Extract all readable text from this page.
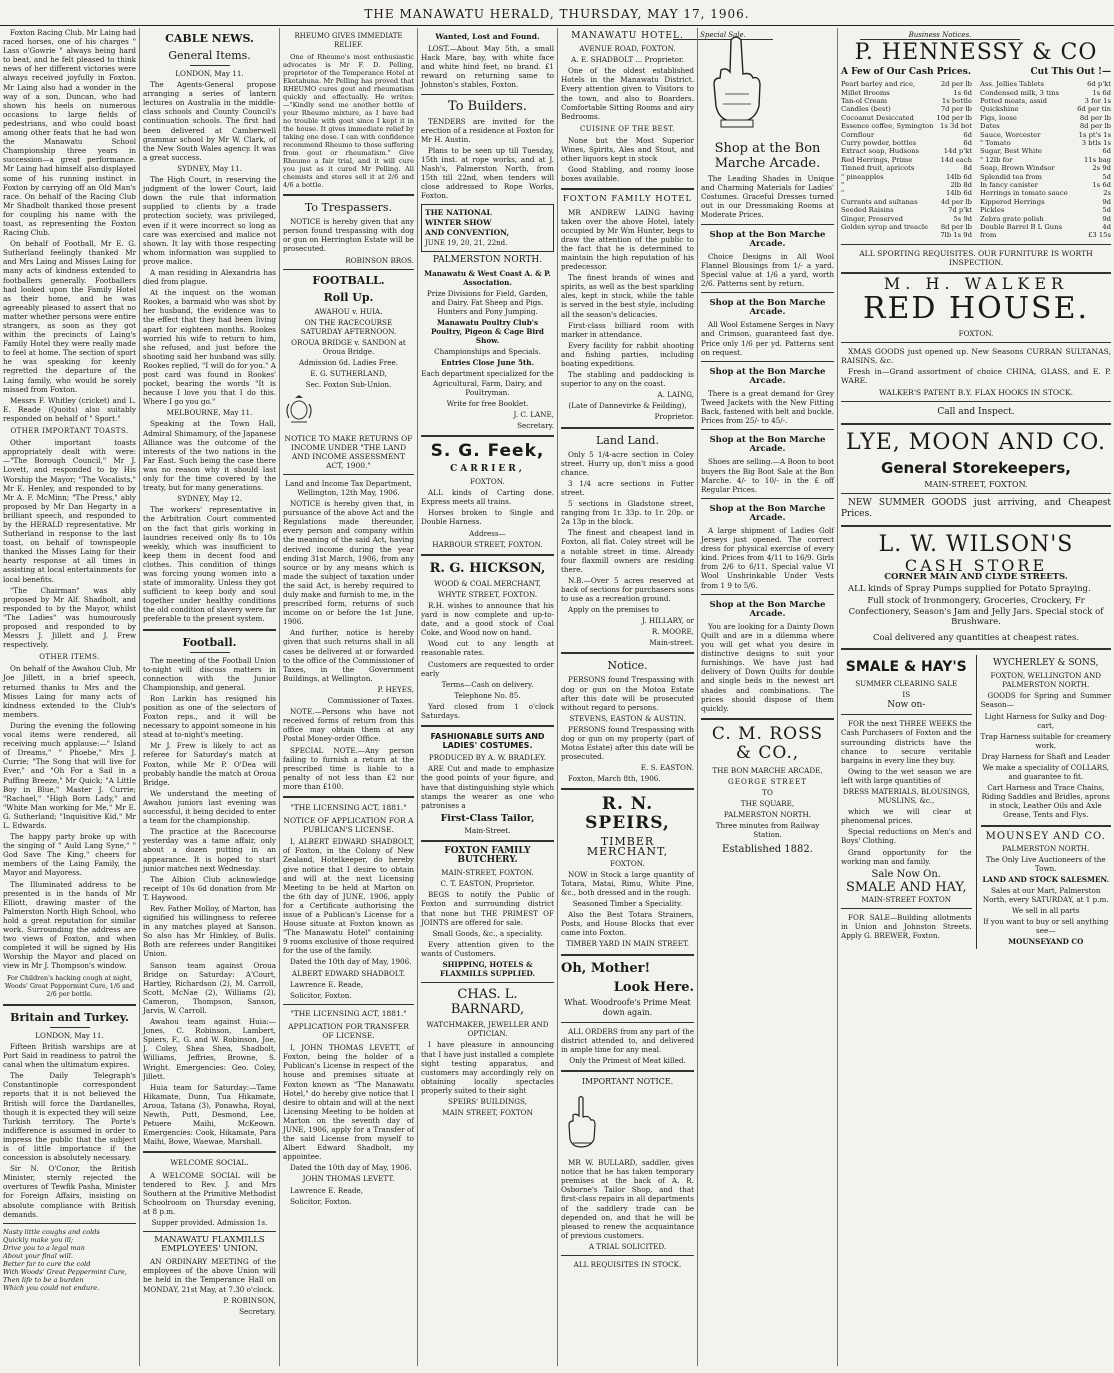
THE MANAWATU HERALD, THURSDAY, MAY 17, 1906.
Special Sale.	Business Notices.

Foxton Racing Club. Mr Laing had raced horses, one of his charges " Lass o'Gowrie " always being hard to beat, and he felt pleased to think news of her different victories were always received joyfully in Foxton. Mr Laing also had a wonder in the way of a son, Duncan, who had shown his heels on numerous occasions to large fields of pedestrians, and who could boast among other feats that he had won the Manawatu School Championship three years in succession—a great performance. Mr Laing had himself also displayed some of his running instinct in Foxton by carrying off an Old Man's race. On behalf of the Racing Club Mr Shadbolt thanked those present for coupling his name with the toast, as representing the Foxton Racing Club.

On behalf of Football, Mr E. G. Sutherland feelingly thanked Mr and Mrs Laing and Misses Laing for many acts of kindness extended to footballers generally. Footballers had looked upon the Family Hotel as their home, and he was agreeably pleased to assert that no matter whether persons were entire strangers, as soon as they got within the precincts of Laing's Family Hotel they were really made to feel at home. The section of sport he was speaking for keenly regretted the departure of the Laing family, who would be sorely missed from Foxton.

Messrs F. Whitley (cricket) and L. E. Reade (Quoits) also suitably responded on behalf of " Sport."

OTHER IMPORTANT TOASTS.

Other important toasts appropriately dealt with were:—"The Borough Council," Mr J. Lovett, and responded to by His Worship the Mayor; "The Vocalists," Mr E. Henley, and responded to by Mr A. F. McMinn; "The Press," ably proposed by Mr Dan Hegarty in a brilliant speech, and responded to by the HERALD representative. Mr Sutherland in response to the last toast, on behalf of townspeople thanked the Misses Laing for their hearty response at all times in assisting at local entertainments for local benefits.

"The Chairman" was ably proposed by Mr Alf. Shadbolt, and responded to by the Mayor, whilst "The Ladies" was humourously proposed and responded to by Messrs J. Jillett and J. Frew respectively.

OTHER ITEMS.

On behalf of the Awahou Club, Mr Joe Jillett, in a brief speech, returned thanks to Mrs and the Misses Laing for many acts of kindness extended to the Club's members.

During the evening the following vocal items were rendered, all receiving much applause:—" Island of Dreams," " Phoebe," Mrs J. Currie; "The Song that will live for Ever," and "Oh For a Sail in a Puffing Breeze," Mr Quick; "A Little Boy in Blue," Master J. Currie; "Rachael," "High Born Lady," and "White Man working for Me," Mr E. G. Sutherland; "Inquisitive Kid," Mr L. Edwards.

The happy party broke up with the singing of " Auld Lang Syne," " God Save The King," cheers for members of the Laing Family, the Mayor and Mayoress.

The Illuminated address to be presented is in the hands of Mr Elliott, drawing master of the Palmerston North High School, who hold a great reputation for similar work. Surrounding the address are two views of Foxton, and when completed it will be signed by His Worship the Mayor and placed on view in Mr J. Thompson's window.

For Children's hacking cough at night, Woods' Great Peppermint Cure, 1/6 and 2/6 per bottle.

Britain and Turkey.

LONDON, May 11.

Fifteen British warships are at Port Said in readiness to patrol the canal when the ultimatum expires.

The Daily Telegraph's Constantinople correspondent reports that it is not believed the British will force the Dardanelles, though it is expected they will seize Turkish territory. The Porte's indifference is assumed in order to impress the public that the subject is of little importance if the concession is absolutely necessary.

Sir N. O'Conor, the British Minister, sternly rejected the overtures of Tewfik Pasha, Minister for Foreign Affairs, insisting on absolute compliance with British demands.

Nasty little coughs and colds
Quickly make you ill;
Drive you to a legal man
About your final will.
Better far to cure the cold
With Woods' Great Peppermint Cure,
Then life to be a burden
Which you could not endure.
CABLE NEWS.
General Items.

LONDON, May 11.

The Agents-General propose arranging a series of lantern lectures on Australia in the middle-class schools and County Council's continuation schools. The first had been delivered at Camberwell grammar school by Mr W. Clark, of the New South Wales agency. It was a great success.

SYDNEY, May 11.

The High Court, in reserving the judgment of the lower Court, laid down the rule that information supplied to clients by a trade protection society, was privileged, even if it were incorrect so long as care was exercised and malice not shown. It lay with those respecting whom information was supplied to prove malice.

A man residing in Alexandria has died from plague.

At the inquest on the woman Rookes, a barmaid who was shot by her husband, the evidence was to the effect that they had been living apart for eighteen months. Rookes worried his wife to return to him, she refused, and just before the shooting said her husband was silly. Rookes replied, "I will do for you." A post card was found in Rookes' pocket, bearing the words "It is because I love you that I do this. Where I go you go."

MELBOURNE, May 11.

Speaking at the Town Hall, Admiral Shimamury, of the Japanese Alliance was the outcome of the interests of the two nations in the Far East. Such being the case there was no reason why it should last only for the time covered by the treaty, but for many generations.

SYDNEY, May 12.

The workers' representative in the Arbitration Court commented on the fact that girls working in laundries received only 8s to 10s weekly, which was insufficient to keep them in decent food and clothes. This condition of things was forcing young women into a state of immorality. Unless they got sufficient to keep body and soul together under healthy conditions the old condition of slavery were far preferable to the present system.

Football.

The meeting of the Football Union to-night will discuss matters in connection with the Junior Championship, and general.

Ron Larkin has resigned his position as one of the selectors of Foxton reps., and it will be necessary to appoint someone in his stead at to-night's meeting.

Mr J. Frew is likely to act as referee for Saturday's match at Foxton, while Mr P. O'Dea will probably handle the match at Oroua Bridge.

We understand the meeting of Awahou juniors last evening was successful, it being decided to enter a team for the championship.

The practice at the Racecourse yesterday was a tame affair, only about a dozen putting in an appearance. It is hoped to start junior matches next Wednesday.

The Albion Club acknowledge receipt of 10s 6d donation from Mr T. Haywood.

Rev. Father Molloy, of Marton, has signified his willingness to referee in any matches played at Sanson. So also has Mr Hinkley, of Bulls. Both are referees under Rangitikei Union.

Sanson team against Oroua Bridge on Saturday: A'Court, Hartley, Richardson (2), M. Carroll, Scott, McNae (2), Williams (2), Cameron, Thompson, Sanson, Jarvis, W. Carroll.

Awahou team against Huia:—Jones, C. Robinson, Lambert, Spiers, F., G. and W. Robinson, Joe, J. Coley, Shea Shea, Shadbolt, Williams, Jeffries, Browne, S. Wright. Emergencies: Geo. Coley, Jillett.

Huia team for Saturday:—Tame Hikamate, Dunn, Tua Hikamate, Aroua, Tatana (3), Ponawha, Royal, Newth, Putt, Desmond, Lee, Petuere Maihi, McKeown. Emergencies: Cook, Hikamate, Para Maihi, Bowe, Waewae, Marshall.

WELCOME SOCIAL.

A WELCOME SOCIAL will be tendered to Rev. J. and Mrs Southern at the Primitive Methodist Schoolroom on Thursday evening, at 8 p.m.

Supper provided. Admission 1s.

MANAWATU FLAXMILLS EMPLOYEES' UNION.

AN ORDINARY MEETING of the employees of the above Union will be held in the Temperance Hall on MONDAY, 21st May, at 7.30 o'clock.

P. ROBINSON,

Secretary.

RHEUMO GIVES IMMEDIATE RELIEF.

One of Rheumo's most enthusiastic advocates is Mr F. D. Pelling, proprietor of the Temperance Hotel at Eketahuna. Mr Pelling has proved that RHEUMO cures gout and rheumatism quickly and effectually. He writes:—"Kindly send me another bottle of your Rheumo mixture, as I have had no trouble with gout since I kept it in the house. It gives immediate relief by taking one dose. I can with confidence recommend Rheumo to those suffering from gout or rheumatism." Give Rheumo a fair trial, and it will cure you just as it cured Mr Pelling. All chemists and stores sell it at 2/6 and 4/6 a bottle.

To Trespassers.

NOTICE is hereby given that any person found trespassing with dog or gun on Herrington Estate will be prosecuted.

ROBINSON BROS.

FOOTBALL.
Roll Up.

AWAHOU v. HUIA.

ON THE RACECOURSE SATURDAY AFTERNOON.

OROUA BRIDGE v. SANDON at Oroua Bridge.

Admission 6d. Ladies Free.

E. G. SUTHERLAND,

Sec. Foxton Sub-Union.

NOTICE TO MAKE RETURNS OF INCOME UNDER "THE LAND AND INCOME ASSESSMENT ACT, 1900."

Land and Income Tax Department, Wellington, 12th May, 1906.

NOTICE is hereby given that, in pursuance of the above Act and the Regulations made thereunder, every person and company within the meaning of the said Act, having derived income during the year ending 31st March, 1906, from any source or by any means which is made the subject of taxation under the said Act, is hereby required to duly make and furnish to me, in the prescribed form, returns of such income on or before the 1st June, 1906.

And further, notice is hereby given that such returns shall in all cases be delivered at or forwarded to the office of the Commissioner of Taxes, in the Government Buildings, at Wellington.

P. HEYES,

Commissioner of Taxes.

NOTE.—Persons who have not received forms of return from this office may obtain them at any Postal Money-order Office.

SPECIAL NOTE.—Any person failing to furnish a return at the prescribed time is liable to a penalty of not less than £2 nor more than £100.

"THE LICENSING ACT, 1881."
NOTICE OF APPLICATION FOR A PUBLICAN'S LICENSE.

I, ALBERT EDWARD SHADBOLT, of Foxton, in the Colony of New Zealand, Hotelkeeper, do hereby give notice that I desire to obtain and will at the next Licensing Meeting to be held at Marton on the 6th day of JUNE, 1906, apply for a Certificate authorising the issue of a Publican's License for a House situate at Foxton known as "The Manawatu Hotel" containing 9 rooms exclusive of those required for the use of the family.

Dated the 10th day of May, 1906.

ALBERT EDWARD SHADBOLT.

Lawrence E. Reade,

Solicitor, Foxton.

"THE LICENSING ACT, 1881."
APPLICATION FOR TRANSFER OF LICENSE.

I, JOHN THOMAS LEVETT, of Foxton, being the holder of a Publican's License in respect of the house and premises situate at Foxton known as "The Manawatu Hotel," do hereby give notice that I desire to obtain and will at the next Licensing Meeting to be holden at Marton on the seventh day of JUNE, 1906, apply for a Transfer of the said License from myself to Albert Edward Shadbolt, my appointee.

Dated the 10th day of May, 1906.

JOHN THOMAS LEVETT.

Lawrence E. Reade,

Solicitor, Foxton.

Wanted, Lost and Found.

LOST.—About May 5th, a small Hack Mare, bay, with white face and white hind feet, no brand. £1 reward on returning same to Johnston's stables, Foxton.

To Builders.

TENDERS are invited for the erection of a residence at Foxton for Mr H. Austin.

Plans to be seen up till Tuesday, 15th inst. at rope works, and at J. Nash's, Palmerston North, from 15th till 22nd, when tenders will close addressed to Rope Works, Foxton.

THE NATIONAL
WINTER SHOW
AND CONVENTION,
JUNE 19, 20, 21, 22nd.
PALMERSTON NORTH.

Manawatu & West Coast A. & P. Association.

Prize Divisions for Field, Garden, and Dairy. Fat Sheep and Pigs. Hunters and Pony Jumping.

Manawatu Poultry Club's Poultry, Pigeon & Cage Bird Show.

Championships and Specials.

Entries Close June 5th.

Each department specialized for the Agricultural, Farm, Dairy, and Poultryman.

Write for free Booklet.

J. C. LANE,

Secretary.

S. G. Feek,
CARRIER,

FOXTON.

ALL kinds of Carting done. Express meets all trains.

Horses broken to Single and Double Harness.

Address—

HARBOUR STREET, FOXTON.

R. G. HICKSON,

WOOD & COAL MERCHANT,

WHYTE STREET, FOXTON.

R.H. wishes to announce that his yard is now complete and up-to-date, and a good stock of Coal Coke, and Wood now on hand.

Wood cut to any length at reasonable rates.

Customers are requested to order early

Terms—Cash on delivery.

Telephone No. 85.

Yard closed from 1 o'clock Saturdays.

FASHIONABLE SUITS AND LADIES' COSTUMES.

PRODUCED BY A. W. BRADLEY.

ARE Cut and made to emphasize the good points of your figure, and have that distinguishing style which stamps the wearer as one who patronises a

First-Class Tailor,

Main-Street.

FOXTON FAMILY BUTCHERY.

MAIN-STREET, FOXTON.

C. T. EASTON, Proprietor.

BEGS to notify the Public of Foxton and surrounding district that none but THE PRIMEST OF JOINTS are offered for sale.

Small Goods, &c., a speciality.

Every attention given to the wants of Customers.

SHIPPING, HOTELS & FLAXMILLS SUPPLIED.

CHAS. L. BARNARD,

WATCHMAKER, JEWELLER AND OPTICIAN.

I have pleasure in announcing that I have just installed a complete sight testing apparatus, and customers may accordingly rely on obtaining locally spectacles properly suited to their sight

SPEIRS' BUILDINGS,

MAIN STREET, FOXTON

MANAWATU HOTEL.

AVENUE ROAD, FOXTON.

A. E. SHADBOLT ... Proprietor.

One of the oldest established Hotels in the Manawatu District. Every attention given to Visitors to the town, and also to Boarders. Comfortable Sitting Rooms and airy Bedrooms.

CUISINE OF THE BEST.

None but the Most Superior Wines, Spirits, Ales and Stout, and other liquors kept in stock

Good Stabling, and roomy loose boxes available.

FOXTON FAMILY HOTEL

MR ANDREW LAING having taken over the above Hotel, lately occupied by Mr Wm Hunter, begs to draw the attention of the public to the fact that he is determined to maintain the high reputation of his predecessor.

The finest brands of wines and spirits, as well as the best sparkling ales, kept in stock, while the table is served in the best style, including all the season's delicacies.

First-class billiard room with marker in attendance.

Every facility for rabbit shooting and fishing parties, including boating expeditions.

The stabling and paddocking is superior to any on the coast.

A. LAING,

(Late of Dannevirke & Feilding),

Proprietor.

Land Land.

Only 5 1/4-acre section in Coley street. Hurry up, don't miss a good chance.

3 1/4 acre sections in Futter street.

5 sections in Gladstone street, ranging from 1r. 33p. to 1r. 20p. or 2a 13p in the block.

The finest and cheapest land in Foxton, all flat. Coley street will be a notable street in time. Already four flaxmill owners are residing there.

N.B.—Over 5 acres reserved at back of sections for purchasers sons to use as a recreation ground.

Apply on the premises to

J. HILLARY, or

R. MOORE,

Main-street.

Notice.

PERSONS found Trespassing with dog or gun on the Motoa Estate after this date will be prosecuted without regard to persons.

STEVENS, EASTON & AUSTIN.

PERSONS found Trespassing with dog or gun on my property (part of Motoa Estate) after this date will be prosecuted.

E. S. EASTON.

Foxton, March 8th, 1906.

R. N. SPEIRS,
TIMBER MERCHANT,

FOXTON.

NOW in Stock a large quantity of Totara, Matai, Rimu, White Pine, &c., both dressed and in the rough.

Seasoned Timber a Speciality.

Also the Best Totara Strainers, Posts, and House Blocks that ever came into Foxton.

TIMBER YARD IN MAIN STREET.

Oh, Mother!
Look Here.

What. Woodroofe's Prime Meat down again.

ALL ORDERS from any part of the district attended to, and delivered in ample time for any meal.

Only the Primest of Meat killed.

IMPORTANT NOTICE.

MR W. BULLARD, saddler, gives notice that he has taken temporary premises at the back of A. R. Osborne's Tailor Shop, and that first-class repairs in all departments of the saddlery trade can be depended on, and that he will be pleased to renew the acquaintance of previous customers.

A TRIAL SOLICITED.

ALL REQUISITES IN STOCK.

Shop at the Bon Marche Arcade.

The Leading Shades in Unique and Charming Materials for Ladies' Costumes. Graceful Dresses turned out in our Dressmaking Rooms at Moderate Prices.

Shop at the Bon Marche Arcade.

Choice Designs in All Wool Flannel Blousings from 1/- a yard. Special value at 1/6 a yard, worth 2/6. Patterns sent by return.

Shop at the Bon Marche Arcade.

All Wool Estamene Serges in Navy and Crimson, guaranteed fast dye. Price only 1/6 per yd. Patterns sent on request.

Shop at the Bon Marche Arcade.

There is a great demand for Grey Tweed Jackets with the New Fitting Back, fastened with belt and buckle. Prices from 25/- to 45/-.

Shop at the Bon Marche Arcade.

Shoes are selling.—A Boon to boot buyers the Big Boot Sale at the Bon Marche. 4/- to 10/- in the £ off Regular Prices.

Shop at the Bon Marche Arcade.

A large shipment of Ladies Golf Jerseys just opened. The correct dress for physical exercise of every kind. Prices from 4/11 to 16/9. Girls from 2/6 to 6/11. Special value VI Wool Unshrinkable Under Vests from 1 9 to 5/6.

Shop at the Bon Marche Arcade.

You are looking for a Dainty Down Quilt and are in a dilemma where you will get what you desire in distinctive designs to suit your furnishings. We have just had delivery of Down Quilts for double and single beds in the newest art shades and combinations. The prices should dispose of them quickly.

C. M. ROSS & CO.,

THE BON MARCHE ARCADE,

GEORGE STREET

TO

THE SQUARE,

PALMERSTON NORTH.

Three minutes from Railway Station.

Established 1882.

P. HENNESSY & CO
A Few of Our Cash Prices.	Cut This Out !—
Pearl barley and rice,	2d per lb
Millet Brooms	1s 6d
Tan-ol Cream	1s bottle
Candles (best)	7d per lb
Cocoanut Desiccated	10d per lb
Essence coffee, Symington 1s 3d bot
Cornflour	6d
Curry powder, bottles	6d
Extract soap, Hudsons	14d p'kt
Red Herrings, Prime	14d each
Tinned fruit, apricots	8d
" pineapples	14lb 6d
"	2lb 8d
"	14lb 6d
Currants and sultanas	4d per lb
Seeded Raisins	7d p'kt
Ginger, Preserved	5s 9d
Golden syrup and treacle	8d per lb
7lb 1s 9d
Ass. Jellies Tablets	6d p'kt
Condensed milk, 3 tins	1s 6d
Potted meats, assid	3 for 1s
Quickshine	6d per tin
Figs, loose	8d per lb
Dates	8d per lb
Sauce, Worcester	1s pt's 1s
" Tomato	3 btls 1s
Sugar, Best White	6d
" 12lb for	11s bag
Soap, Brown Windsor	2s 9d
Splendid tea from	5d
In fancy canister	1s 6d
Herrings in tomato sauce	2s
Kippered Herrings	9d
Pickles	5d
Zebra grate polish	9d
Double Barrel B L Guns	4d
from	£3 15s

ALL SPORTING REQUISITES. OUR FURNITURE IS WORTH INSPECTION.

M. H. WALKER
RED HOUSE.

FOXTON.

XMAS GOODS just opened up. New Seasons CURRAN SULTANAS, RAISINS, &c.

Fresh in—Grand assortment of choice CHINA, GLASS, and E. P. WARE.

WALKER'S PATENT B.Y. FLAX HOOKS IN STOCK.

Call and Inspect.

LYE, MOON AND CO.
General Storekeepers,

MAIN-STREET, FOXTON.

NEW SUMMER GOODS just arriving, and Cheapest Prices.

L. W. WILSON'S
CASH STORE

CORNER MAIN AND CLYDE STREETS.

ALL kinds of Spray Pumps supplied for Potato Spraying.

Full stock of Ironmongery, Groceries, Crockery, Fr Confectionery, Season's Jam and Jelly Jars. Special stock of Brushware.

Coal delivered any quantities at cheapest rates.

SMALE & HAY'S

SUMMER CLEARING SALE

IS

Now on-

FOR the next THREE WEEKS the Cash Purchasers of Foxton and the surrounding districts have the chance to secure veritable bargains in every line they buy.

Owing to the wet season we are left with large quantities of

DRESS MATERIALS, BLOUSINGS, MUSLINS, &c.,

which we will clear at phenomenal prices.

Special reductions on Men's and Boys' Clothing.

Grand opportunity for the working man and family.

Sale Now On.
SMALE AND HAY,

MAIN-STREET FOXTON

FOR SALE—Building allotments in Union and Johnston Streets. Apply G. BREWER, Foxton.

WYCHERLEY & SONS,

FOXTON, WELLINGTON AND PALMERSTON NORTH.

GOODS for Spring and Summer Season—

Light Harness for Sulky and Dog-cart,

Trap Harness suitable for creamery work,

Dray Harness for Shaft and Leader

We make a speciality of COLLARS, and guarantee to fit.

Cart Harness and Trace Chains, Riding Saddles and Bridles, aprons in stock, Leather Oils and Axle Grease, Tents and Flys.

MOUNSEY AND CO.

PALMERSTON NORTH.

The Only Live Auctioneers of the Town.

LAND AND STOCK SALESMEN.

Sales at our Mart, Palmerston North, every SATURDAY, at 1 p.m.

We sell in all parts

If you want to buy or sell anything see—

MOUNSEYAND CO
